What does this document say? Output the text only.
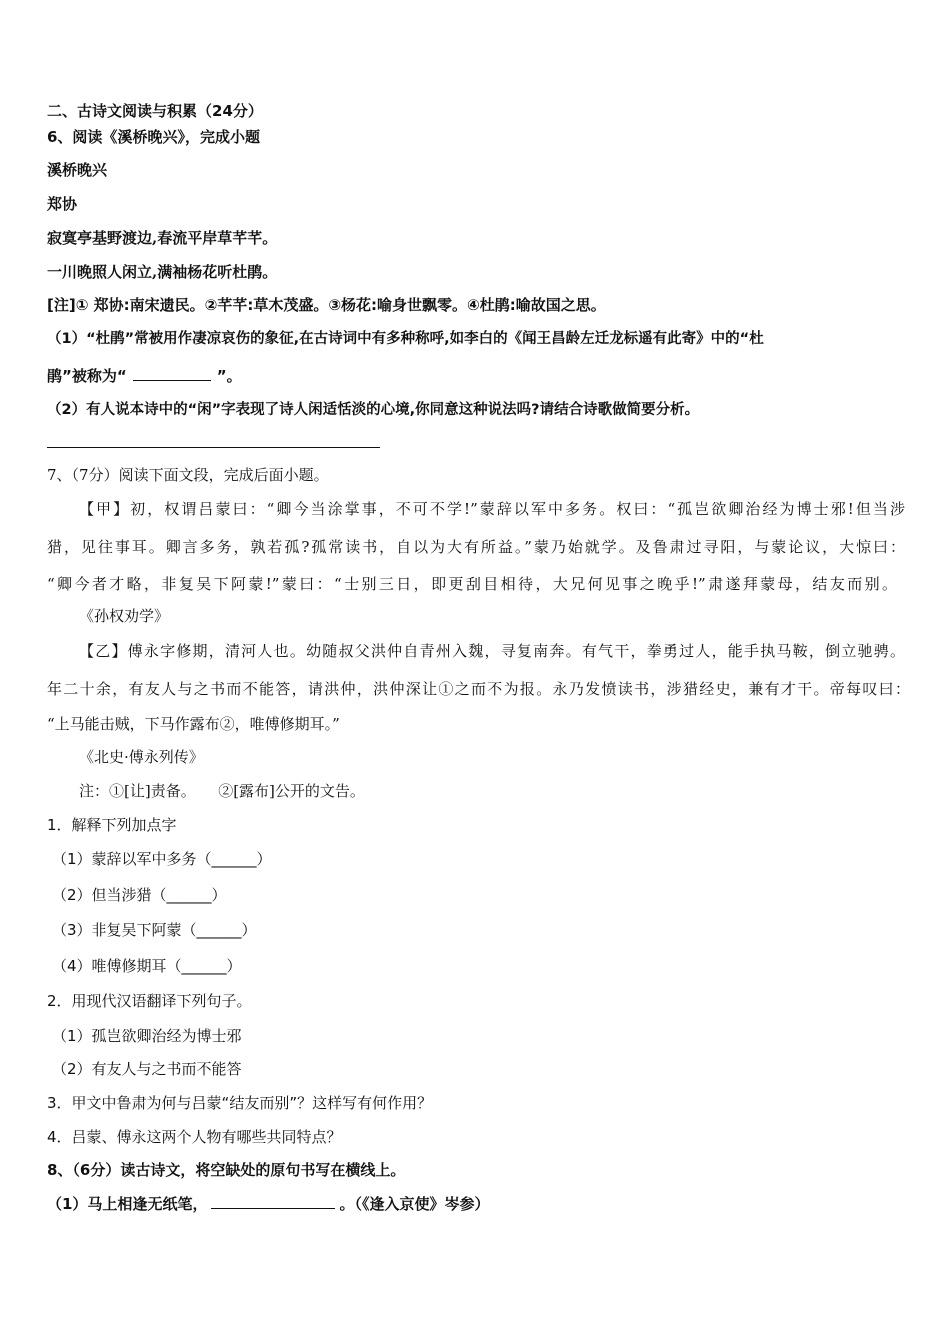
二、古诗文阅读与积累（24分）
6、阅读《溪桥晚兴》，完成小题
溪桥晚兴
郑协
寂寞亭基野渡边,春流平岸草芊芊。
一川晚照人闲立,满袖杨花听杜鹃。
[注]① 郑协:南宋遗民。②芊芊:草木茂盛。③杨花:喻身世飘零。④杜鹃:喻故国之思。
（1）“杜鹃”常被用作凄凉哀伤的象征,在古诗词中有多种称呼,如李白的《闻王昌龄左迁龙标遥有此寄》中的“杜
鹃”被称为“	”。
（2）有人说本诗中的“闲”字表现了诗人闲适恬淡的心境,你同意这种说法吗?请结合诗歌做简要分析。
7、（7分）阅读下面文段，完成后面小题。
【甲】初，权谓吕蒙曰：“卿今当涂掌事，不可不学!”蒙辞以军中多务。权曰：“孤岂欲卿治经为博士邪!但当涉
猎，见往事耳。卿言多务，孰若孤?孤常读书，自以为大有所益。”蒙乃始就学。及鲁肃过寻阳，与蒙论议，大惊曰：
“卿今者才略，非复吴下阿蒙!”蒙曰：“士别三日，即更刮目相待，大兄何见事之晚乎!”肃遂拜蒙母，结友而别。
《孙权劝学》
【乙】傅永字修期，清河人也。幼随叔父洪仲自青州入魏，寻复南奔。有气干，拳勇过人，能手执马鞍，倒立驰骋。
年二十余，有友人与之书而不能答，请洪仲，洪仲深让①之而不为报。永乃发愤读书，涉猎经史，兼有才干。帝每叹曰：
“上马能击贼，下马作露布②，唯傅修期耳。”
《北史·傅永列传》
注：①[让]责备。　　②[露布]公开的文告。
1．解释下列加点字
（1）蒙辞以军中多务（______）
（2）但当涉猎（______）
（3）非复吴下阿蒙（______）
（4）唯傅修期耳（______）
2．用现代汉语翻译下列句子。
（1）孤岂欲卿治经为博士邪
（2）有友人与之书而不能答
3．甲文中鲁肃为何与吕蒙“结友而别”？这样写有何作用？
4．吕蒙、傅永这两个人物有哪些共同特点？
8、（6分）读古诗文，将空缺处的原句书写在横线上。
（1）马上相逢无纸笔，	。（《逢入京使》岑参）
